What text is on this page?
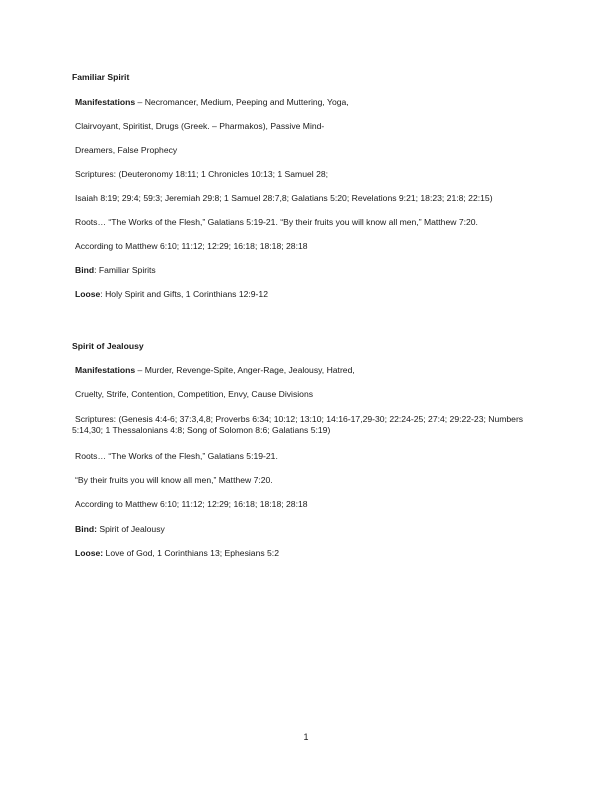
Familiar Spirit
Manifestations – Necromancer, Medium, Peeping and Muttering, Yoga,
Clairvoyant, Spiritist, Drugs (Greek. – Pharmakos), Passive Mind-
Dreamers, False Prophecy
Scriptures: (Deuteronomy 18:11; 1 Chronicles 10:13; 1 Samuel 28;
Isaiah 8:19; 29:4; 59:3; Jeremiah 29:8; 1 Samuel 28:7,8; Galatians 5:20; Revelations 9:21; 18:23; 21:8; 22:15)
Roots… “The Works of the Flesh,” Galatians 5:19-21. “By their fruits you will know all men,” Matthew 7:20.
According to Matthew 6:10; 11:12; 12:29; 16:18; 18:18; 28:18
Bind: Familiar Spirits
Loose: Holy Spirit and Gifts, 1 Corinthians 12:9-12
Spirit of Jealousy
Manifestations – Murder, Revenge-Spite, Anger-Rage, Jealousy, Hatred,
Cruelty, Strife, Contention, Competition, Envy, Cause Divisions
Scriptures: (Genesis 4:4-6; 37:3,4,8; Proverbs 6:34; 10:12; 13:10; 14:16-17,29-30; 22:24-25; 27:4; 29:22-23; Numbers 5:14,30; 1 Thessalonians 4:8; Song of Solomon 8:6; Galatians 5:19)
Roots… “The Works of the Flesh,” Galatians 5:19-21.
“By their fruits you will know all men,” Matthew 7:20.
According to Matthew 6:10; 11:12; 12:29; 16:18; 18:18; 28:18
Bind: Spirit of Jealousy
Loose: Love of God, 1 Corinthians 13; Ephesians 5:2
1
